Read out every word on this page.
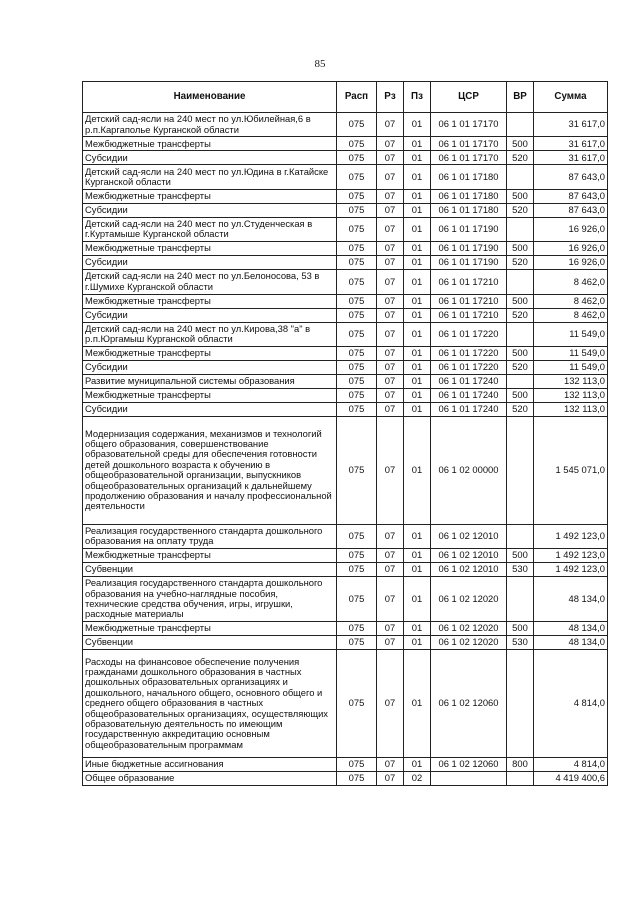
85
Наименование	Расп	Рз	Пз	ЦСР	ВР	Сумма
Детский сад-ясли на 240 мест по ул.Юбилейная,6 в р.п.Каргаполье Курганской области	075	07	01	06 1 01 17170		31 617,0
Межбюджетные трансферты	075	07	01	06 1 01 17170	500	31 617,0
Субсидии	075	07	01	06 1 01 17170	520	31 617,0
Детский сад-ясли на 240 мест по ул.Юдина в г.Катайске Курганской области	075	07	01	06 1 01 17180		87 643,0
Межбюджетные трансферты	075	07	01	06 1 01 17180	500	87 643,0
Субсидии	075	07	01	06 1 01 17180	520	87 643,0
Детский сад-ясли на 240 мест по ул.Студенческая в г.Куртамыше Курганской области	075	07	01	06 1 01 17190		16 926,0
Межбюджетные трансферты	075	07	01	06 1 01 17190	500	16 926,0
Субсидии	075	07	01	06 1 01 17190	520	16 926,0
Детский сад-ясли на 240 мест по ул.Белоносова, 53 в г.Шумихе Курганской области	075	07	01	06 1 01 17210		8 462,0
Межбюджетные трансферты	075	07	01	06 1 01 17210	500	8 462,0
Субсидии	075	07	01	06 1 01 17210	520	8 462,0
Детский сад-ясли на 240 мест по ул.Кирова,38 "а" в р.п.Юргамыш Курганской области	075	07	01	06 1 01 17220		11 549,0
Межбюджетные трансферты	075	07	01	06 1 01 17220	500	11 549,0
Субсидии	075	07	01	06 1 01 17220	520	11 549,0
Развитие муниципальной системы образования	075	07	01	06 1 01 17240		132 113,0
Межбюджетные трансферты	075	07	01	06 1 01 17240	500	132 113,0
Субсидии	075	07	01	06 1 01 17240	520	132 113,0
Модернизация содержания, механизмов и технологий общего образования, совершенствование образовательной среды для обеспечения готовности детей дошкольного возраста к обучению в общеобразовательной организации, выпускников общеобразовательных организаций к дальнейшему продолжению образования и началу профессиональной деятельности	075	07	01	06 1 02 00000		1 545 071,0
Реализация государственного стандарта дошкольного образования на оплату труда	075	07	01	06 1 02 12010		1 492 123,0
Межбюджетные трансферты	075	07	01	06 1 02 12010	500	1 492 123,0
Субвенции	075	07	01	06 1 02 12010	530	1 492 123,0
Реализация государственного стандарта дошкольного образования на учебно-наглядные пособия, технические средства обучения, игры, игрушки, расходные материалы	075	07	01	06 1 02 12020		48 134,0
Межбюджетные трансферты	075	07	01	06 1 02 12020	500	48 134,0
Субвенции	075	07	01	06 1 02 12020	530	48 134,0
Расходы на финансовое обеспечение получения гражданами дошкольного образования в частных дошкольных образовательных организациях и дошкольного, начального общего, основного общего и среднего общего образования в частных общеобразовательных организациях, осуществляющих образовательную деятельность по имеющим государственную аккредитацию основным общеобразовательным программам	075	07	01	06 1 02 12060		4 814,0
Иные бюджетные ассигнования	075	07	01	06 1 02 12060	800	4 814,0
Общее образование	075	07	02			4 419 400,6
